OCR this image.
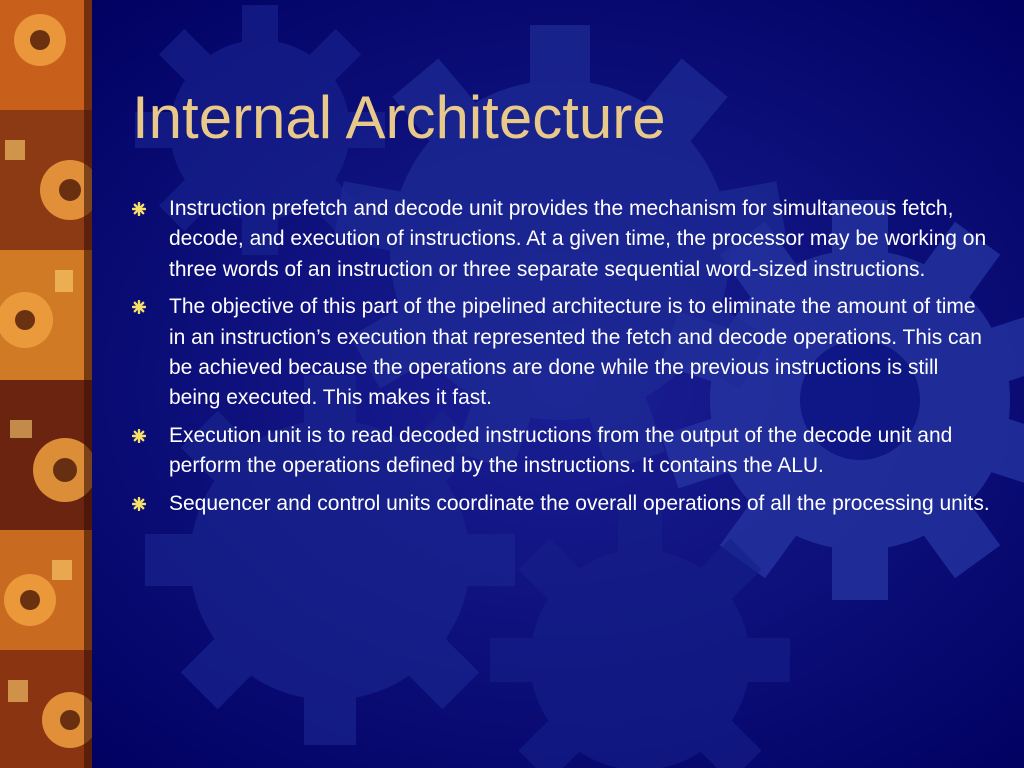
Internal Architecture
Instruction prefetch and decode unit provides the mechanism for simultaneous fetch, decode, and execution of instructions. At a given time, the processor may be working on three words of an instruction or three separate sequential word-sized instructions.
The objective of this part of the pipelined architecture is to eliminate the amount of time in an instruction’s execution that represented the fetch and decode operations. This can be achieved because the operations are done while the previous instructions is still being executed. This makes it fast.
Execution unit is to read decoded instructions from the output of the decode unit and perform the operations defined by the instructions. It contains the ALU.
Sequencer and control units coordinate the overall operations of all the processing units.
